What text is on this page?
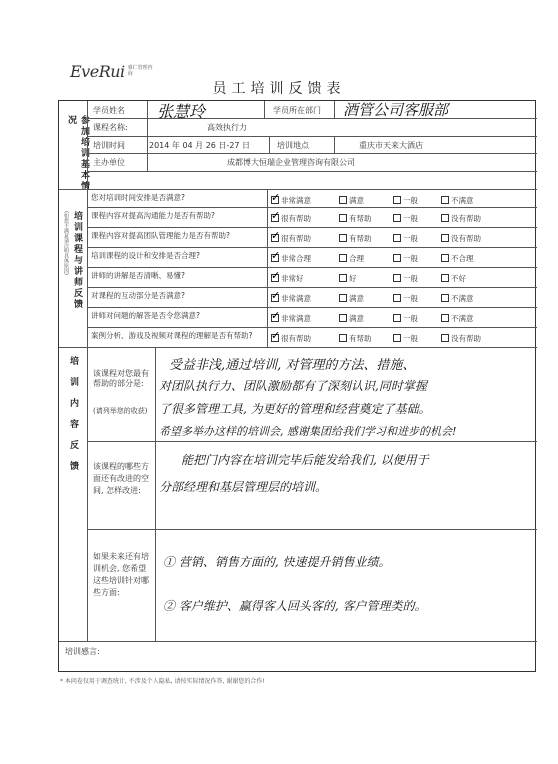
EveRui 睿仁管理咨询
员工培训反馈表
参加培训基本情况
学员姓名 张慧玲	学员所在部门 酒管公司客服部
课程名称:	高效执行力
培训时间	2014 年 04 月 26 日-27 日	培训地点	重庆市天来大酒店
主办单位	成都博大恒瑞企业管理咨询有限公司
培训课程与讲师反馈
(如您不满意请注明具体原因)
您对培训时间安排是否满意? ✓	非常满意	满意	一般	不满意
课程内容对提高沟通能力是否有帮助? ✓	很有帮助	有帮助	一般	没有帮助
课程内容对提高团队管理能力是否有帮助? ✓	很有帮助	有帮助	一般	没有帮助
培训课程的设计和安排是否合理? ✓	非常合理	合理	一般	不合理
讲师的讲解是否清晰、易懂? ✓	非常好	好	一般	不好
对课程的互动部分是否满意? ✓	非常满意	满意	一般	不满意
讲师对问题的解答是否令您满意? ✓	非常满意	满意	一般	不满意
案例分析、游戏及视频对课程的理解是否有帮助? ✓	很有帮助	有帮助	一般	没有帮助
培训内容反馈 该课程对您最有帮助的部分是:
(请列举您的收获)
受益非浅,通过培训, 对管理的方法、措施、
对团队执行力、团队激励都有了深刻认识,同时掌握
了很多管理工具, 为更好的管理和经营奠定了基础。
希望多举办这样的培训会, 感谢集团给我们学习和进步的机会!
该课程的哪些方面还有改进的空间, 怎样改进:
能把门内容在培训完毕后能发给我们, 以便用于
分部经理和基层管理层的培训。
如果未来还有培训机会, 您希望这些培训针对哪些方面:
① 营销、销售方面的, 快速提升销售业绩。
② 客户维护、赢得客人回头客的, 客户管理类的。
培训感言:
* 本问卷仅用于调查统计, 不涉及个人隐私, 请按实际情况作答, 谢谢您的合作!
